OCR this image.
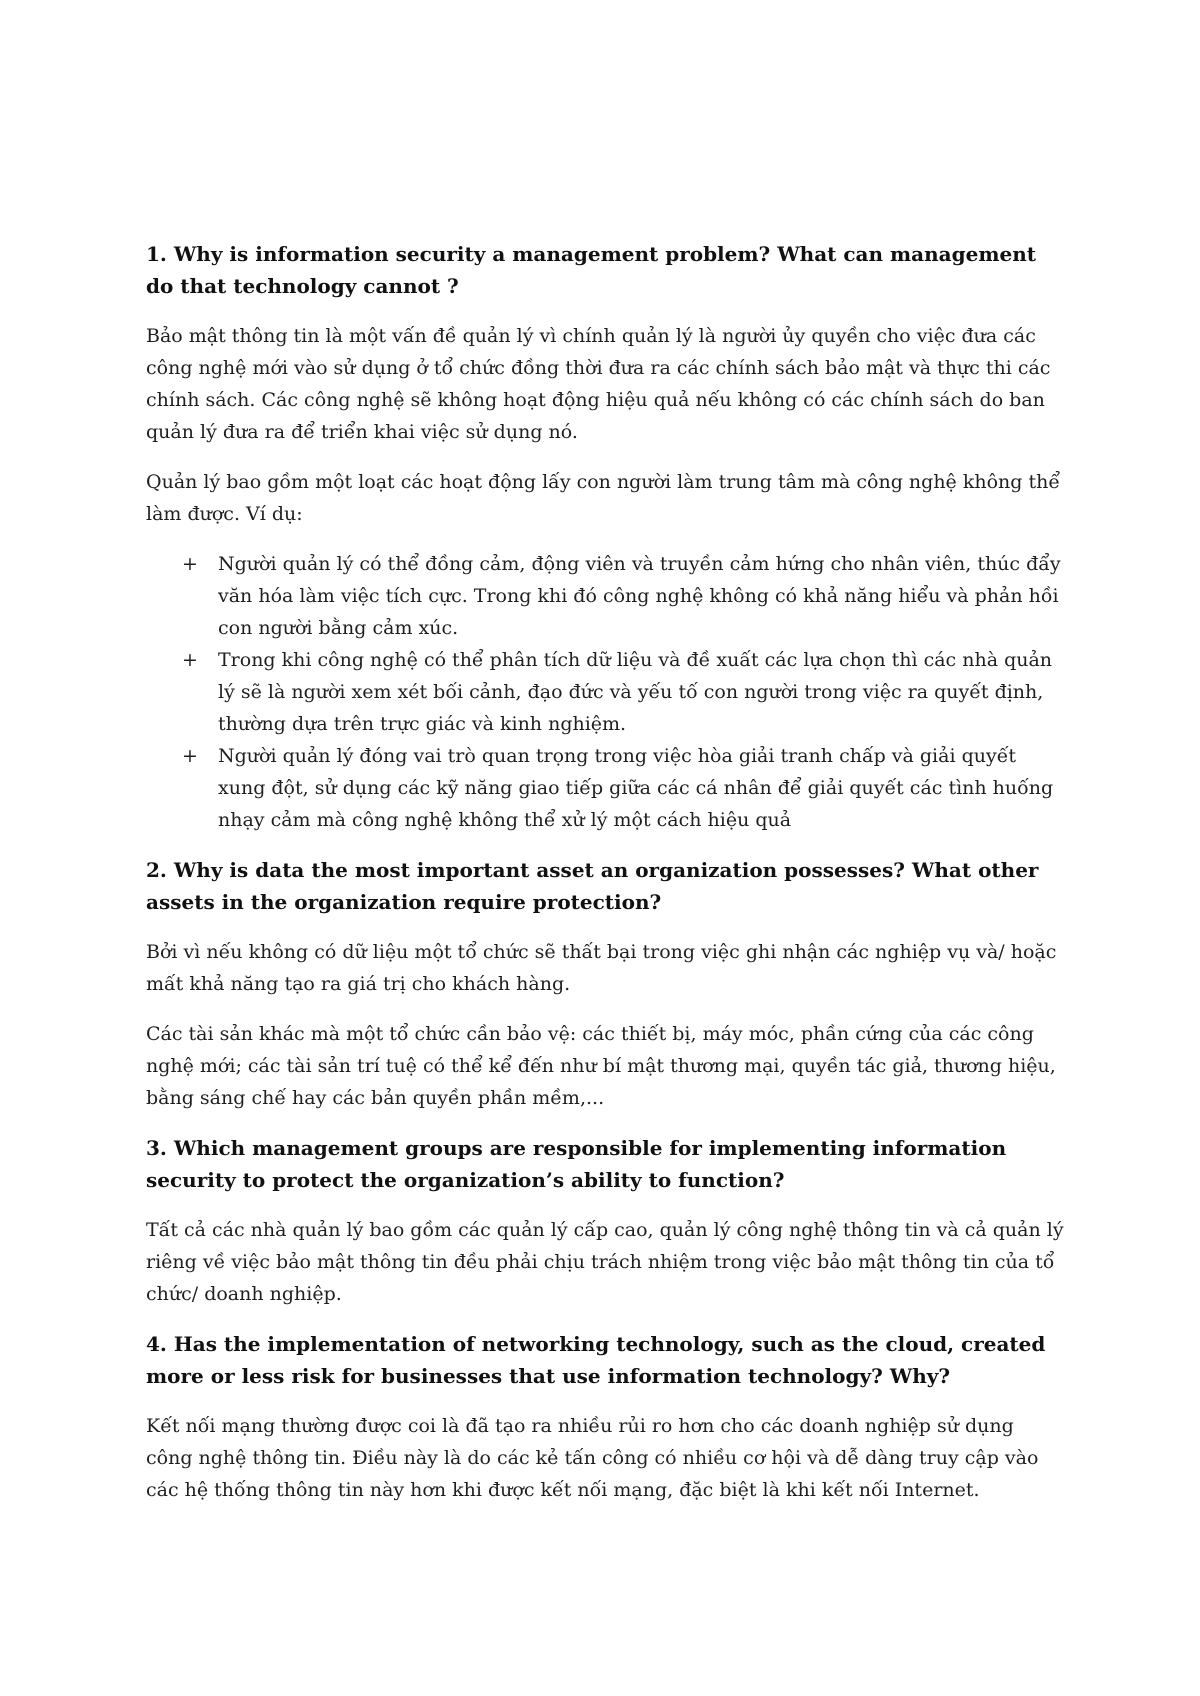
1. Why is information security a management problem? What can management do that technology cannot ?

Bảo mật thông tin là một vấn đề quản lý vì chính quản lý là người ủy quyền cho việc đưa các công nghệ mới vào sử dụng ở tổ chức đồng thời đưa ra các chính sách bảo mật và thực thi các chính sách. Các công nghệ sẽ không hoạt động hiệu quả nếu không có các chính sách do ban quản lý đưa ra để triển khai việc sử dụng nó.

Quản lý bao gồm một loạt các hoạt động lấy con người làm trung tâm mà công nghệ không thể làm được. Ví dụ:

+ Người quản lý có thể đồng cảm, động viên và truyền cảm hứng cho nhân viên, thúc đẩy văn hóa làm việc tích cực. Trong khi đó công nghệ không có khả năng hiểu và phản hồi con người bằng cảm xúc.
+ Trong khi công nghệ có thể phân tích dữ liệu và đề xuất các lựa chọn thì các nhà quản lý sẽ là người xem xét bối cảnh, đạo đức và yếu tố con người trong việc ra quyết định, thường dựa trên trực giác và kinh nghiệm.
+ Người quản lý đóng vai trò quan trọng trong việc hòa giải tranh chấp và giải quyết xung đột, sử dụng các kỹ năng giao tiếp giữa các cá nhân để giải quyết các tình huống nhạy cảm mà công nghệ không thể xử lý một cách hiệu quả
2. Why is data the most important asset an organization possesses? What other assets in the organization require protection?

Bởi vì nếu không có dữ liệu một tổ chức sẽ thất bại trong việc ghi nhận các nghiệp vụ và/ hoặc mất khả năng tạo ra giá trị cho khách hàng.

Các tài sản khác mà một tổ chức cần bảo vệ: các thiết bị, máy móc, phần cứng của các công nghệ mới; các tài sản trí tuệ có thể kể đến như bí mật thương mại, quyền tác giả, thương hiệu, bằng sáng chế hay các bản quyền phần mềm,...

3. Which management groups are responsible for implementing information security to protect the organization’s ability to function?

Tất cả các nhà quản lý bao gồm các quản lý cấp cao, quản lý công nghệ thông tin và cả quản lý riêng về việc bảo mật thông tin đều phải chịu trách nhiệm trong việc bảo mật thông tin của tổ chức/ doanh nghiệp.

4. Has the implementation of networking technology, such as the cloud, created more or less risk for businesses that use information technology? Why?

Kết nối mạng thường được coi là đã tạo ra nhiều rủi ro hơn cho các doanh nghiệp sử dụng công nghệ thông tin. Điều này là do các kẻ tấn công có nhiều cơ hội và dễ dàng truy cập vào các hệ thống thông tin này hơn khi được kết nối mạng, đặc biệt là khi kết nối Internet.
